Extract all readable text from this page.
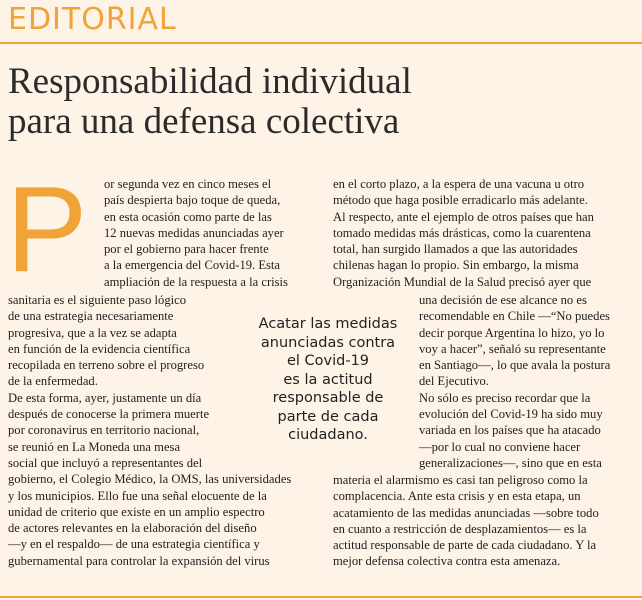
EDITORIAL
Responsabilidad individual
para una defensa colectiva
P or segunda vez en cinco meses el
país despierta bajo toque de queda,
en esta ocasión como parte de las
12 nuevas medidas anunciadas ayer
por el gobierno para hacer frente
a la emergencia del Covid-19. Esta
ampliación de la respuesta a la crisis
sanitaria es el siguiente paso lógico
de una estrategia necesariamente
progresiva, que a la vez se adapta
en función de la evidencia científica
recopilada en terreno sobre el progreso
de la enfermedad.
De esta forma, ayer, justamente un día
después de conocerse la primera muerte
por coronavirus en territorio nacional,
se reunió en La Moneda una mesa
social que incluyó a representantes del
gobierno, el Colegio Médico, la OMS, las universidades
y los municipios. Ello fue una señal elocuente de la
unidad de criterio que existe en un amplio espectro
de actores relevantes en la elaboración del diseño
—y en el respaldo— de una estrategia científica y
gubernamental para controlar la expansión del virus
en el corto plazo, a la espera de una vacuna u otro
método que haga posible erradicarlo más adelante.
Al respecto, ante el ejemplo de otros países que han
tomado medidas más drásticas, como la cuarentena
total, han surgido llamados a que las autoridades
chilenas hagan lo propio. Sin embargo, la misma
Organización Mundial de la Salud precisó ayer que
una decisión de ese alcance no es
recomendable en Chile —“No puedes
decir porque Argentina lo hizo, yo lo
voy a hacer”, señaló su representante
en Santiago—, lo que avala la postura
del Ejecutivo.
No sólo es preciso recordar que la
evolución del Covid-19 ha sido muy
variada en los países que ha atacado
—por lo cual no conviene hacer
generalizaciones—, sino que en esta
materia el alarmismo es casi tan peligroso como la
complacencia. Ante esta crisis y en esta etapa, un
acatamiento de las medidas anunciadas —sobre todo
en cuanto a restricción de desplazamientos— es la
actitud responsable de parte de cada ciudadano. Y la
mejor defensa colectiva contra esta amenaza.
Acatar las medidas
anunciadas contra
el Covid-19
es la actitud
responsable de
parte de cada
ciudadano.
